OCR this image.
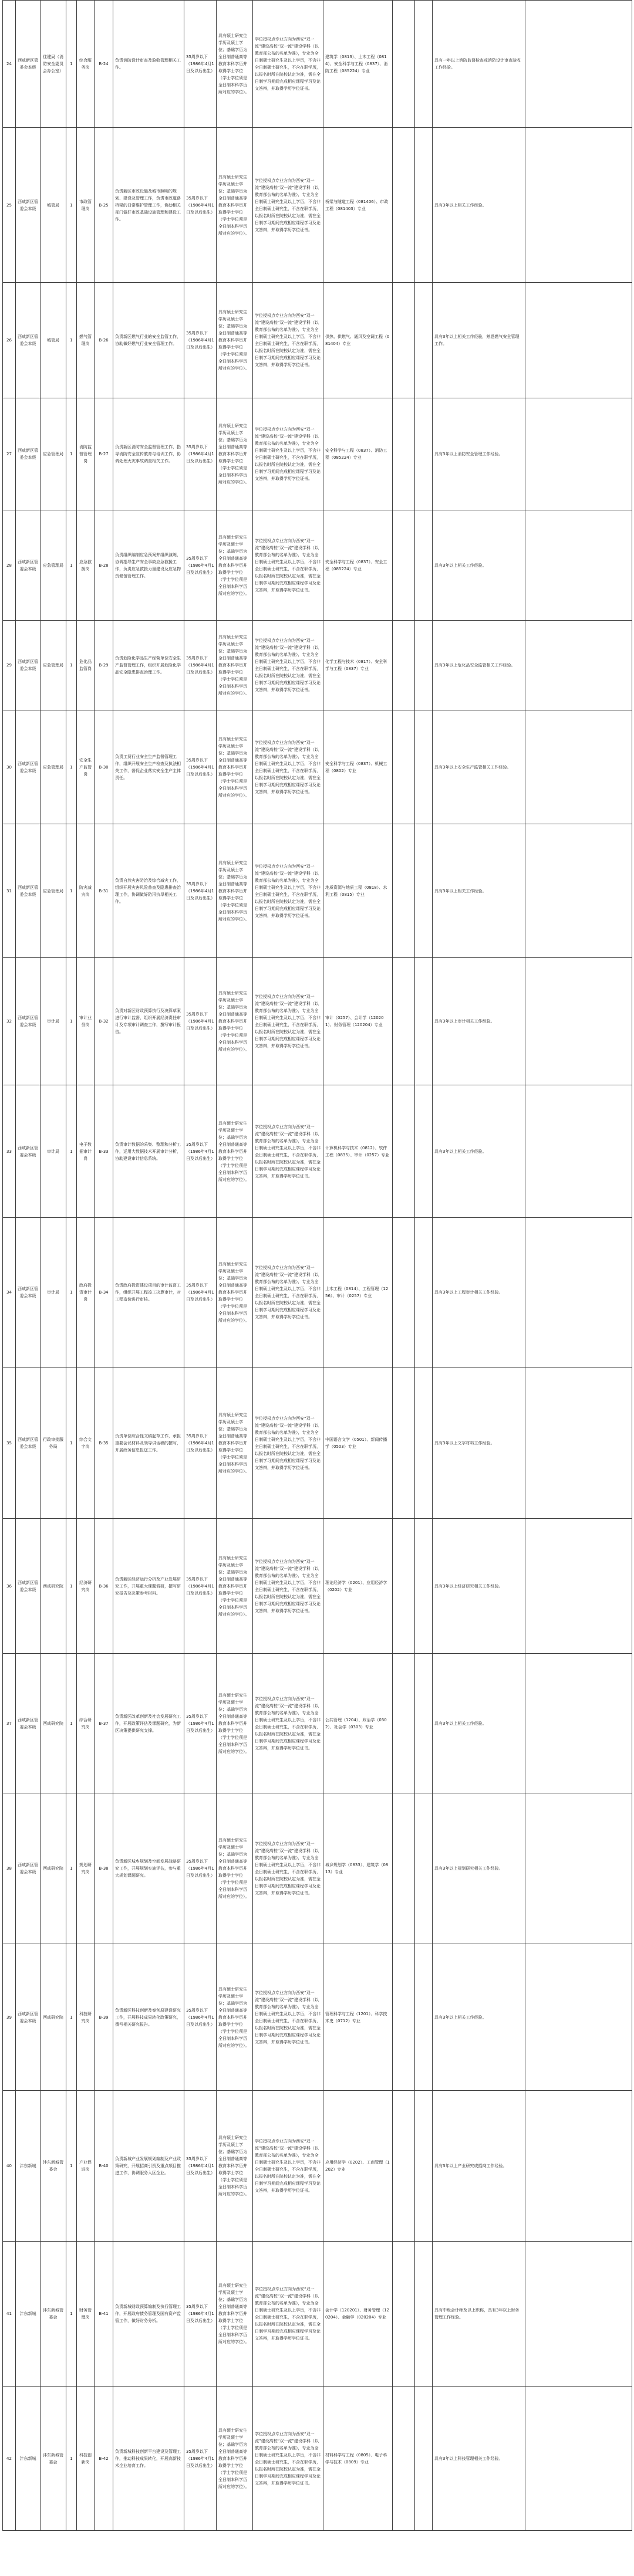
24	西咸新区管委会本级	住建局（消防安全委员会办公室）	1	综合服务岗	B-24	负责消防设计审查及验收管理相关工作。	35周岁以下（1986年4月1日及以后出生）	具有硕士研究生学历及硕士学位；基础学历为全日制普通高等教育本科学历并取得学士学位（学士学位须是全日制本科学历所对应的学位）。	学位授权点专业方向为西安“双一流”建设高校“双一流”建设学科（以教育部公布的名单为准），专业为全日制硕士研究生及以上学历，不含非全日制硕士研究生，不含在职学历，以报名时所在院校认定为准，需在全日制学习期间完成相应课程学习及论文答辩，并取得学历学位证书。	建筑学（0813）、土木工程（0814）、安全科学与工程（0837）、消防工程（085224）专业			具有一年以上消防监督检查或消防设计审查验收工作经验。	
25	西咸新区管委会本级	城管局	1	市政管理岗	B-25	负责新区市政设施及城市照明的规划、建设及管理工作，负责市政道路桥梁的日常维护管理工作，协助相关部门做好市政基础设施管理和建设工作。	35周岁以下（1986年4月1日及以后出生）	具有硕士研究生学历及硕士学位；基础学历为全日制普通高等教育本科学历并取得学士学位（学士学位须是全日制本科学历所对应的学位）。	学位授权点专业方向为西安“双一流”建设高校“双一流”建设学科（以教育部公布的名单为准），专业为全日制硕士研究生及以上学历，不含非全日制硕士研究生，不含在职学历，以报名时所在院校认定为准，需在全日制学习期间完成相应课程学习及论文答辩，并取得学历学位证书。	桥梁与隧道工程（081406）、市政工程（081403）专业			具有3年以上相关工作经验。	
26	西咸新区管委会本级	城管局	1	燃气管理岗	B-26	负责新区燃气行业的安全监管工作，协助做好燃气行业安全管理工作。	35周岁以下（1986年4月1日及以后出生）	具有硕士研究生学历及硕士学位；基础学历为全日制普通高等教育本科学历并取得学士学位（学士学位须是全日制本科学历所对应的学位）。	学位授权点专业方向为西安“双一流”建设高校“双一流”建设学科（以教育部公布的名单为准），专业为全日制硕士研究生及以上学历，不含非全日制硕士研究生，不含在职学历，以报名时所在院校认定为准，需在全日制学习期间完成相应课程学习及论文答辩，并取得学历学位证书。	供热、供燃气、通风及空调工程（081404）专业			具有3年以上相关工作经验，熟悉燃气安全管理工作。	
27	西咸新区管委会本级	应急管理局	1	消防监督管理岗	B-27	负责新区消防安全监督管理工作，指导消防安全宣传教育与培训工作，协调处理火灾事故调查相关工作。	35周岁以下（1986年4月1日及以后出生）	具有硕士研究生学历及硕士学位；基础学历为全日制普通高等教育本科学历并取得学士学位（学士学位须是全日制本科学历所对应的学位）。	学位授权点专业方向为西安“双一流”建设高校“双一流”建设学科（以教育部公布的名单为准），专业为全日制硕士研究生及以上学历，不含非全日制硕士研究生，不含在职学历，以报名时所在院校认定为准，需在全日制学习期间完成相应课程学习及论文答辩，并取得学历学位证书。	安全科学与工程（0837）、消防工程（085224）专业			具有3年以上消防安全管理工作经验。	
28	西咸新区管委会本级	应急管理局	1	应急救援岗	B-28	负责组织编制应急预案并组织演练，协调指导生产安全事故应急救援工作，负责应急救援力量建设及应急物资储备管理工作。	35周岁以下（1986年4月1日及以后出生）	具有硕士研究生学历及硕士学位；基础学历为全日制普通高等教育本科学历并取得学士学位（学士学位须是全日制本科学历所对应的学位）。	学位授权点专业方向为西安“双一流”建设高校“双一流”建设学科（以教育部公布的名单为准），专业为全日制硕士研究生及以上学历，不含非全日制硕士研究生，不含在职学历，以报名时所在院校认定为准，需在全日制学习期间完成相应课程学习及论文答辩，并取得学历学位证书。	安全科学与工程（0837）、安全工程（085224）专业			具有3年以上相关工作经验。	
29	西咸新区管委会本级	应急管理局	1	危化品监管岗	B-29	负责危险化学品生产经营单位安全生产监督管理工作，组织开展危险化学品安全隐患排查治理工作。	35周岁以下（1986年4月1日及以后出生）	具有硕士研究生学历及硕士学位；基础学历为全日制普通高等教育本科学历并取得学士学位（学士学位须是全日制本科学历所对应的学位）。	学位授权点专业方向为西安“双一流”建设高校“双一流”建设学科（以教育部公布的名单为准），专业为全日制硕士研究生及以上学历，不含非全日制硕士研究生，不含在职学历，以报名时所在院校认定为准，需在全日制学习期间完成相应课程学习及论文答辩，并取得学历学位证书。	化学工程与技术（0817）、安全科学与工程（0837）专业			具有3年以上危化品安全监管相关工作经验。	
30	西咸新区管委会本级	应急管理局	1	安全生产监管岗	B-30	负责工贸行业安全生产监督管理工作，组织开展安全生产检查及执法相关工作，督促企业落实安全生产主体责任。	35周岁以下（1986年4月1日及以后出生）	具有硕士研究生学历及硕士学位；基础学历为全日制普通高等教育本科学历并取得学士学位（学士学位须是全日制本科学历所对应的学位）。	学位授权点专业方向为西安“双一流”建设高校“双一流”建设学科（以教育部公布的名单为准），专业为全日制硕士研究生及以上学历，不含非全日制硕士研究生，不含在职学历，以报名时所在院校认定为准，需在全日制学习期间完成相应课程学习及论文答辩，并取得学历学位证书。	安全科学与工程（0837）、机械工程（0802）专业			具有3年以上安全生产监管相关工作经验。	
31	西咸新区管委会本级	应急管理局	1	防灾减灾岗	B-31	负责自然灾害防治及综合减灾工作，组织开展灾害风险普查及隐患排查治理工作，协调做好防汛抗旱相关工作。	35周岁以下（1986年4月1日及以后出生）	具有硕士研究生学历及硕士学位；基础学历为全日制普通高等教育本科学历并取得学士学位（学士学位须是全日制本科学历所对应的学位）。	学位授权点专业方向为西安“双一流”建设高校“双一流”建设学科（以教育部公布的名单为准），专业为全日制硕士研究生及以上学历，不含非全日制硕士研究生，不含在职学历，以报名时所在院校认定为准，需在全日制学习期间完成相应课程学习及论文答辩，并取得学历学位证书。	地质资源与地质工程（0818）、水利工程（0815）专业			具有3年以上相关工作经验。	
32	西咸新区管委会本级	审计局	1	审计业务岗	B-32	负责对新区财政预算执行及决算草案进行审计监督，组织开展经济责任审计及专项审计调查工作，撰写审计报告。	35周岁以下（1986年4月1日及以后出生）	具有硕士研究生学历及硕士学位；基础学历为全日制普通高等教育本科学历并取得学士学位（学士学位须是全日制本科学历所对应的学位）。	学位授权点专业方向为西安“双一流”建设高校“双一流”建设学科（以教育部公布的名单为准），专业为全日制硕士研究生及以上学历，不含非全日制硕士研究生，不含在职学历，以报名时所在院校认定为准，需在全日制学习期间完成相应课程学习及论文答辩，并取得学历学位证书。	审计（0257）、会计学（120201）、财务管理（120204）专业			具有3年以上审计相关工作经验。	
33	西咸新区管委会本级	审计局	1	电子数据审计岗	B-33	负责审计数据的采集、整理和分析工作，运用大数据技术开展审计分析，协助建设审计信息系统。	35周岁以下（1986年4月1日及以后出生）	具有硕士研究生学历及硕士学位；基础学历为全日制普通高等教育本科学历并取得学士学位（学士学位须是全日制本科学历所对应的学位）。	学位授权点专业方向为西安“双一流”建设高校“双一流”建设学科（以教育部公布的名单为准），专业为全日制硕士研究生及以上学历，不含非全日制硕士研究生，不含在职学历，以报名时所在院校认定为准，需在全日制学习期间完成相应课程学习及论文答辩，并取得学历学位证书。	计算机科学与技术（0812）、软件工程（0835）、审计（0257）专业			具有3年以上相关工作经验。	
34	西咸新区管委会本级	审计局	1	政府投资审计岗	B-34	负责政府投资建设项目的审计监督工作，组织开展工程竣工决算审计，对工程造价进行审核。	35周岁以下（1986年4月1日及以后出生）	具有硕士研究生学历及硕士学位；基础学历为全日制普通高等教育本科学历并取得学士学位（学士学位须是全日制本科学历所对应的学位）。	学位授权点专业方向为西安“双一流”建设高校“双一流”建设学科（以教育部公布的名单为准），专业为全日制硕士研究生及以上学历，不含非全日制硕士研究生，不含在职学历，以报名时所在院校认定为准，需在全日制学习期间完成相应课程学习及论文答辩，并取得学历学位证书。	土木工程（0814）、工程管理（1256）、审计（0257）专业			具有3年以上工程审计相关工作经验。	
35	西咸新区管委会本级	行政审批服务局	1	综合文字岗	B-35	负责单位综合性文稿起草工作，承担重要会议材料及领导讲话稿的撰写，开展政务信息报送工作。	35周岁以下（1986年4月1日及以后出生）	具有硕士研究生学历及硕士学位；基础学历为全日制普通高等教育本科学历并取得学士学位（学士学位须是全日制本科学历所对应的学位）。	学位授权点专业方向为西安“双一流”建设高校“双一流”建设学科（以教育部公布的名单为准），专业为全日制硕士研究生及以上学历，不含非全日制硕士研究生，不含在职学历，以报名时所在院校认定为准，需在全日制学习期间完成相应课程学习及论文答辩，并取得学历学位证书。	中国语言文学（0501）、新闻传播学（0503）专业			具有3年以上文字材料工作经验。	
36	西咸新区管委会本级	西咸研究院	1	经济研究岗	B-36	负责新区经济运行分析及产业发展研究工作，开展重大课题调研，撰写研究报告及决策参考材料。	35周岁以下（1986年4月1日及以后出生）	具有硕士研究生学历及硕士学位；基础学历为全日制普通高等教育本科学历并取得学士学位（学士学位须是全日制本科学历所对应的学位）。	学位授权点专业方向为西安“双一流”建设高校“双一流”建设学科（以教育部公布的名单为准），专业为全日制硕士研究生及以上学历，不含非全日制硕士研究生，不含在职学历，以报名时所在院校认定为准，需在全日制学习期间完成相应课程学习及论文答辩，并取得学历学位证书。	理论经济学（0201）、应用经济学（0202）专业			具有3年以上经济研究相关工作经验。	
37	西咸新区管委会本级	西咸研究院	1	综合研究岗	B-37	负责新区改革创新及社会发展研究工作，开展政策评估及课题研究，为新区决策提供研究支撑。	35周岁以下（1986年4月1日及以后出生）	具有硕士研究生学历及硕士学位；基础学历为全日制普通高等教育本科学历并取得学士学位（学士学位须是全日制本科学历所对应的学位）。	学位授权点专业方向为西安“双一流”建设高校“双一流”建设学科（以教育部公布的名单为准），专业为全日制硕士研究生及以上学历，不含非全日制硕士研究生，不含在职学历，以报名时所在院校认定为准，需在全日制学习期间完成相应课程学习及论文答辩，并取得学历学位证书。	公共管理（1204）、政治学（0302）、社会学（0303）专业			具有3年以上相关工作经验。	
38	西咸新区管委会本级	西咸研究院	1	规划研究岗	B-38	负责新区城乡规划及空间发展战略研究工作，开展规划实施评估，参与重大规划课题研究。	35周岁以下（1986年4月1日及以后出生）	具有硕士研究生学历及硕士学位；基础学历为全日制普通高等教育本科学历并取得学士学位（学士学位须是全日制本科学历所对应的学位）。	学位授权点专业方向为西安“双一流”建设高校“双一流”建设学科（以教育部公布的名单为准），专业为全日制硕士研究生及以上学历，不含非全日制硕士研究生，不含在职学历，以报名时所在院校认定为准，需在全日制学习期间完成相应课程学习及论文答辩，并取得学历学位证书。	城乡规划学（0833）、建筑学（0813）专业			具有3年以上规划研究相关工作经验。	
39	西咸新区管委会本级	西咸研究院	1	科技研究岗	B-39	负责新区科技创新及秦创原建设研究工作，开展科技成果转化政策研究，撰写相关研究报告。	35周岁以下（1986年4月1日及以后出生）	具有硕士研究生学历及硕士学位；基础学历为全日制普通高等教育本科学历并取得学士学位（学士学位须是全日制本科学历所对应的学位）。	学位授权点专业方向为西安“双一流”建设高校“双一流”建设学科（以教育部公布的名单为准），专业为全日制硕士研究生及以上学历，不含非全日制硕士研究生，不含在职学历，以报名时所在院校认定为准，需在全日制学习期间完成相应课程学习及论文答辩，并取得学历学位证书。	管理科学与工程（1201）、科学技术史（0712）专业			具有3年以上相关工作经验。	
40	沣东新城	沣东新城管委会	1	产业促进岗	B-40	负责新城产业发展规划编制及产业政策研究，开展招商引资及重点项目推进工作，协调服务入区企业。	35周岁以下（1986年4月1日及以后出生）	具有硕士研究生学历及硕士学位；基础学历为全日制普通高等教育本科学历并取得学士学位（学士学位须是全日制本科学历所对应的学位）。	学位授权点专业方向为西安“双一流”建设高校“双一流”建设学科（以教育部公布的名单为准），专业为全日制硕士研究生及以上学历，不含非全日制硕士研究生，不含在职学历，以报名时所在院校认定为准，需在全日制学习期间完成相应课程学习及论文答辩，并取得学历学位证书。	应用经济学（0202）、工商管理（1202）专业			具有3年以上产业研究或招商工作经验。	
41	沣东新城	沣东新城管委会	1	财务管理岗	B-41	负责新城财政预算编制及执行管理工作，开展政府债务管理及国有资产监管工作，做好财务分析。	35周岁以下（1986年4月1日及以后出生）	具有硕士研究生学历及硕士学位；基础学历为全日制普通高等教育本科学历并取得学士学位（学士学位须是全日制本科学历所对应的学位）。	学位授权点专业方向为西安“双一流”建设高校“双一流”建设学科（以教育部公布的名单为准），专业为全日制硕士研究生及以上学历，不含非全日制硕士研究生，不含在职学历，以报名时所在院校认定为准，需在全日制学习期间完成相应课程学习及论文答辩，并取得学历学位证书。	会计学（120201）、财务管理（120204）、金融学（020204）专业			具有中级会计师及以上职称，具有3年以上财务管理工作经验。	
42	沣东新城	沣东新城管委会	1	科技创新岗	B-42	负责新城科技创新平台建设及管理工作，推动科技成果转化，开展高新技术企业培育工作。	35周岁以下（1986年4月1日及以后出生）	具有硕士研究生学历及硕士学位；基础学历为全日制普通高等教育本科学历并取得学士学位（学士学位须是全日制本科学历所对应的学位）。	学位授权点专业方向为西安“双一流”建设高校“双一流”建设学科（以教育部公布的名单为准），专业为全日制硕士研究生及以上学历，不含非全日制硕士研究生，不含在职学历，以报名时所在院校认定为准，需在全日制学习期间完成相应课程学习及论文答辩，并取得学历学位证书。	材料科学与工程（0805）、电子科学与技术（0809）专业			具有3年以上科技管理相关工作经验。	
